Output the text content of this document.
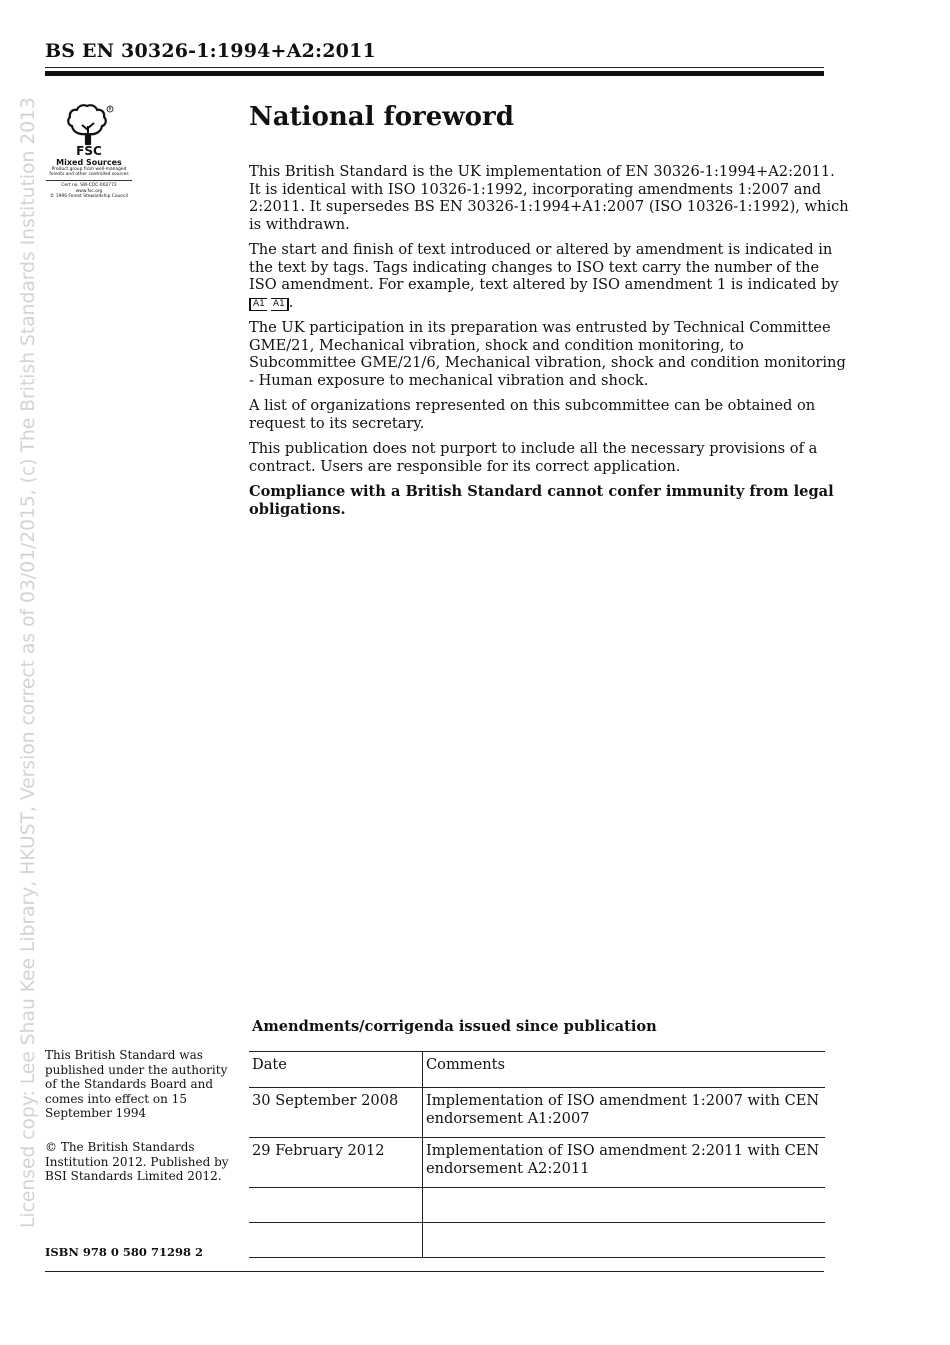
BS EN 30326-1:1994+A2:2011
Licensed copy: Lee Shau Kee Library, HKUST, Version correct as of 03/01/2015, (c) The British Standards Institution 2013	R
FSC
Mixed Sources
Product group from well-managed
forests and other controlled sources
Cert no. SW-COC-002772
www.fsc.org
© 1996 Forest Stewardship Council
National foreword

This British Standard is the UK implementation of EN 30326-1:1994+A2:2011. It is identical with ISO 10326-1:1992, incorporating amendments 1:2007 and 2:2011. It supersedes BS EN 30326-1:1994+A1:2007 (ISO 10326-1:1992), which is withdrawn.

The start and finish of text introduced or altered by amendment is indicated in the text by tags. Tags indicating changes to ISO text carry the number of the ISO amendment. For example, text altered by ISO amendment 1 is indicated by A1 A1 .

The UK participation in its preparation was entrusted by Technical Committee GME/21, Mechanical vibration, shock and condition monitoring, to Subcommittee GME/21/6, Mechanical vibration, shock and condition monitoring - Human exposure to mechanical vibration and shock.

A list of organizations represented on this subcommittee can be obtained on request to its secretary.

This publication does not purport to include all the necessary provisions of a contract. Users are responsible for its correct application.

Compliance with a British Standard cannot confer immunity from legal obligations.

Amendments/corrigenda issued since publication
Date	Comments
30 September 2008	Implementation of ISO amendment 1:2007 with CEN endorsement A1:2007
29 February 2012	Implementation of ISO amendment 2:2011 with CEN endorsement A2:2011

This British Standard was published under the authority of the Standards Board and comes into effect on 15 September 1994
© The British Standards Institution 2012. Published by BSI Standards Limited 2012.
ISBN 978 0 580 71298 2
